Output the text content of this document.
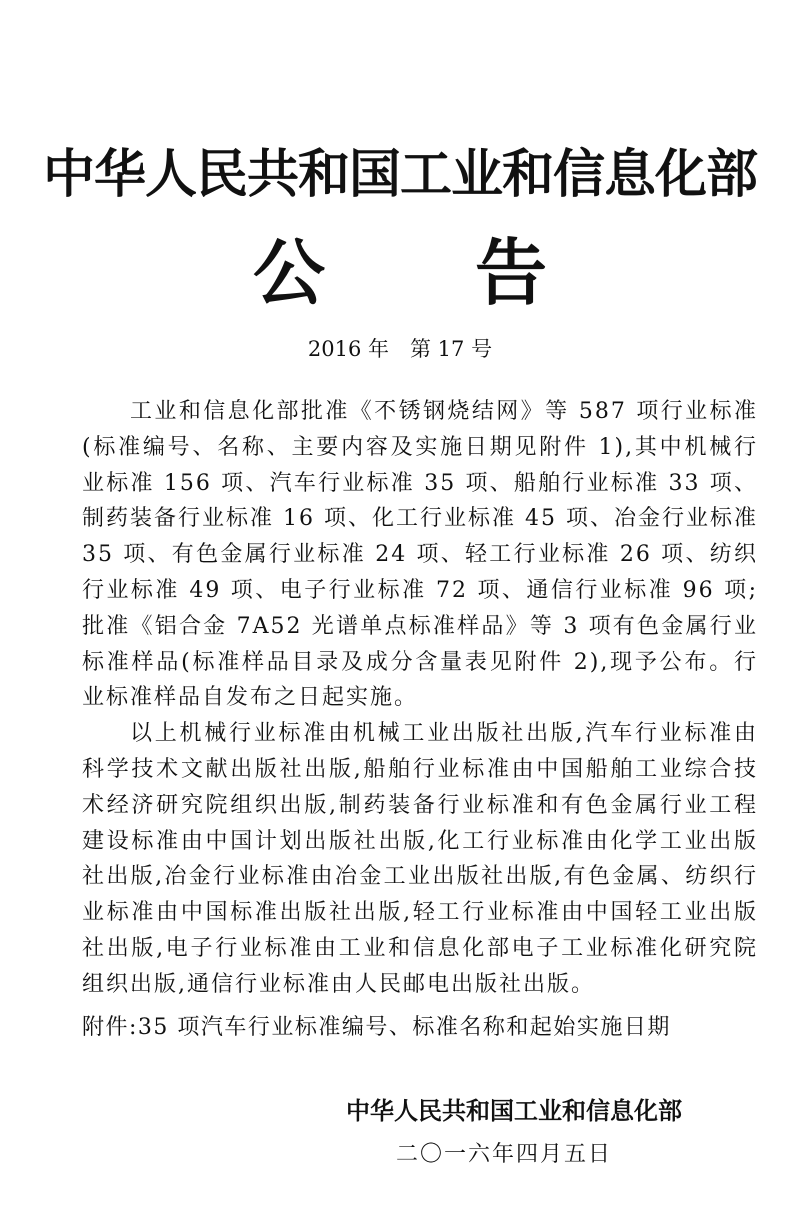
中华人民共和国工业和信息化部
公告
2016 年　第 17 号

工业和信息化部批准《不锈钢烧结网》等 587 项行业标准(标准编号、名称、主要内容及实施日期见附件 1),其中机械行业标准 156 项、汽车行业标准 35 项、船舶行业标准 33 项、制药装备行业标准 16 项、化工行业标准 45 项、冶金行业标准 35 项、有色金属行业标准 24 项、轻工行业标准 26 项、纺织行业标准 49 项、电子行业标准 72 项、通信行业标准 96 项;批准《铝合金 7A52 光谱单点标准样品》等 3 项有色金属行业标准样品(标准样品目录及成分含量表见附件 2),现予公布。行业标准样品自发布之日起实施。

以上机械行业标准由机械工业出版社出版,汽车行业标准由科学技术文献出版社出版,船舶行业标准由中国船舶工业综合技术经济研究院组织出版,制药装备行业标准和有色金属行业工程建设标准由中国计划出版社出版,化工行业标准由化学工业出版社出版,冶金行业标准由冶金工业出版社出版,有色金属、纺织行业标准由中国标准出版社出版,轻工行业标准由中国轻工业出版社出版,电子行业标准由工业和信息化部电子工业标准化研究院组织出版,通信行业标准由人民邮电出版社出版。

附件:35 项汽车行业标准编号、标准名称和起始实施日期
中华人民共和国工业和信息化部
二〇一六年四月五日
